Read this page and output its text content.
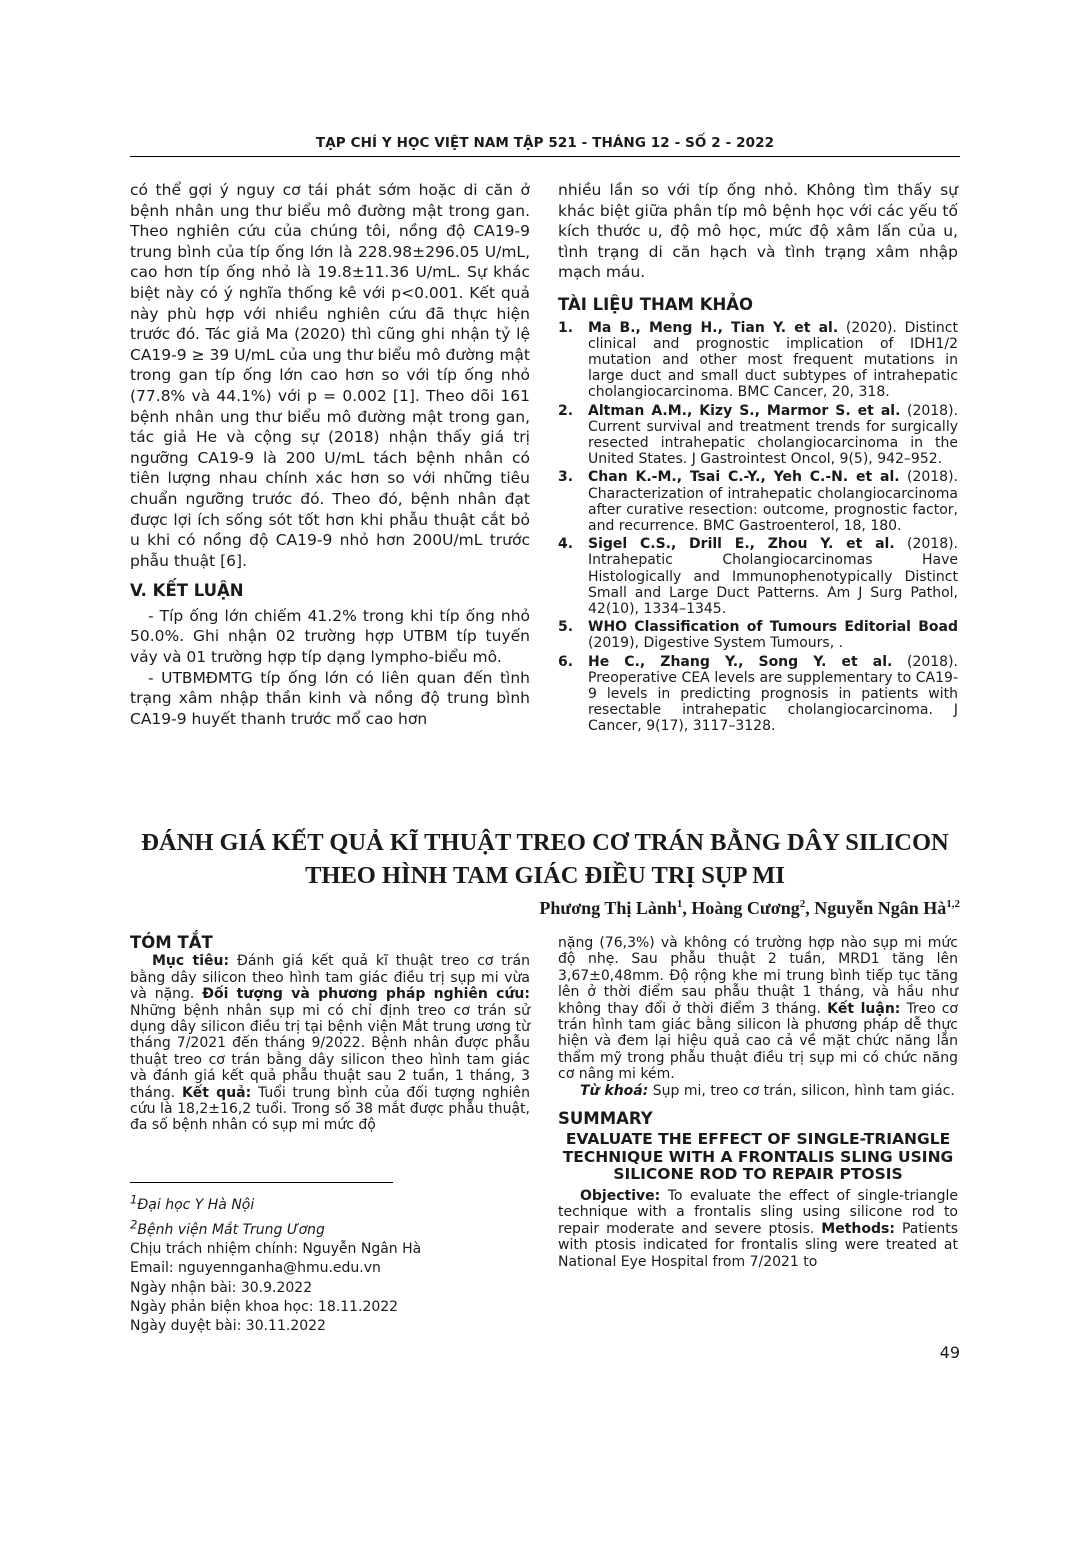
TẠP CHÍ Y HỌC VIỆT NAM TẬP 521 - THÁNG 12 - SỐ 2 - 2022

có thể gợi ý nguy cơ tái phát sớm hoặc di căn ở bệnh nhân ung thư biểu mô đường mật trong gan. Theo nghiên cứu của chúng tôi, nồng độ CA19-9 trung bình của típ ống lớn là 228.98±296.05 U/mL, cao hơn típ ống nhỏ là 19.8±11.36 U/mL. Sự khác biệt này có ý nghĩa thống kê với p<0.001. Kết quả này phù hợp với nhiều nghiên cứu đã thực hiện trước đó. Tác giả Ma (2020) thì cũng ghi nhận tỷ lệ CA19-9 ≥ 39 U/mL của ung thư biểu mô đường mật trong gan típ ống lớn cao hơn so với típ ống nhỏ (77.8% và 44.1%) với p = 0.002 [1]. Theo dõi 161 bệnh nhân ung thư biểu mô đường mật trong gan, tác giả He và cộng sự (2018) nhận thấy giá trị ngưỡng CA19-9 là 200 U/mL tách bệnh nhân có tiên lượng nhau chính xác hơn so với những tiêu chuẩn ngưỡng trước đó. Theo đó, bệnh nhân đạt được lợi ích sống sót tốt hơn khi phẫu thuật cắt bỏ u khi có nồng độ CA19-9 nhỏ hơn 200U/mL trước phẫu thuật [6].

V. KẾT LUẬN

- Típ ống lớn chiếm 41.2% trong khi típ ống nhỏ 50.0%. Ghi nhận 02 trường hợp UTBM típ tuyến vảy và 01 trường hợp típ dạng lympho-biểu mô.

- UTBMĐMTG típ ống lớn có liên quan đến tình trạng xâm nhập thần kinh và nồng độ trung bình CA19-9 huyết thanh trước mổ cao hơn

nhiều lần so với típ ống nhỏ. Không tìm thấy sự khác biệt giữa phân típ mô bệnh học với các yếu tố kích thước u, độ mô học, mức độ xâm lấn của u, tình trạng di căn hạch và tình trạng xâm nhập mạch máu.

TÀI LIỆU THAM KHẢO
1. Ma B., Meng H., Tian Y. et al. (2020). Distinct clinical and prognostic implication of IDH1/2 mutation and other most frequent mutations in large duct and small duct subtypes of intrahepatic cholangiocarcinoma. BMC Cancer, 20, 318.
2. Altman A.M., Kizy S., Marmor S. et al. (2018). Current survival and treatment trends for surgically resected intrahepatic cholangiocarcinoma in the United States. J Gastrointest Oncol, 9(5), 942–952.
3. Chan K.-M., Tsai C.-Y., Yeh C.-N. et al. (2018). Characterization of intrahepatic cholangiocarcinoma after curative resection: outcome, prognostic factor, and recurrence. BMC Gastroenterol, 18, 180.
4. Sigel C.S., Drill E., Zhou Y. et al. (2018). Intrahepatic Cholangiocarcinomas Have Histologically and Immunophenotypically Distinct Small and Large Duct Patterns. Am J Surg Pathol, 42(10), 1334–1345.
5. WHO Classification of Tumours Editorial Boad (2019), Digestive System Tumours, .
6. He C., Zhang Y., Song Y. et al. (2018). Preoperative CEA levels are supplementary to CA19-9 levels in predicting prognosis in patients with resectable intrahepatic cholangiocarcinoma. J Cancer, 9(17), 3117–3128.
ĐÁNH GIÁ KẾT QUẢ KĨ THUẬT TREO CƠ TRÁN BẰNG DÂY SILICON
THEO HÌNH TAM GIÁC ĐIỀU TRỊ SỤP MI
Phương Thị Lành$^1$, Hoàng Cương$^2$, Nguyễn Ngân Hà$^{1,2}$
TÓM TẮT

Mục tiêu: Đánh giá kết quả kĩ thuật treo cơ trán bằng dây silicon theo hình tam giác điều trị sụp mi vừa và nặng. Đối tượng và phương pháp nghiên cứu: Những bệnh nhân sụp mi có chỉ định treo cơ trán sử dụng dây silicon điều trị tại bệnh viện Mắt trung ương từ tháng 7/2021 đến tháng 9/2022. Bệnh nhân được phẫu thuật treo cơ trán bằng dây silicon theo hình tam giác và đánh giá kết quả phẫu thuật sau 2 tuần, 1 tháng, 3 tháng. Kết quả: Tuổi trung bình của đối tượng nghiên cứu là 18,2±16,2 tuổi. Trong số 38 mắt được phẫu thuật, đa số bệnh nhân có sụp mi mức độ

nặng (76,3%) và không có trường hợp nào sụp mi mức độ nhẹ. Sau phẫu thuật 2 tuần, MRD1 tăng lên 3,67±0,48mm. Độ rộng khe mi trung bình tiếp tục tăng lên ở thời điểm sau phẫu thuật 1 tháng, và hầu như không thay đổi ở thời điểm 3 tháng. Kết luận: Treo cơ trán hình tam giác bằng silicon là phương pháp dễ thực hiện và đem lại hiệu quả cao cả về mặt chức năng lẫn thẩm mỹ trong phẫu thuật điều trị sụp mi có chức năng cơ nâng mi kém.

Từ khoá: Sụp mi, treo cơ trán, silicon, hình tam giác.

SUMMARY
EVALUATE THE EFFECT OF SINGLE-TRIANGLE TECHNIQUE WITH A FRONTALIS SLING USING SILICONE ROD TO REPAIR PTOSIS

Objective: To evaluate the effect of single-triangle technique with a frontalis sling using silicone rod to repair moderate and severe ptosis. Methods: Patients with ptosis indicated for frontalis sling were treated at National Eye Hospital from 7/2021 to

$^1$Đại học Y Hà Nội

$^2$Bệnh viện Mắt Trung Ương

Chịu trách nhiệm chính: Nguyễn Ngân Hà

Email: nguyennganha@hmu.edu.vn

Ngày nhận bài: 30.9.2022

Ngày phản biện khoa học: 18.11.2022

Ngày duyệt bài: 30.11.2022

49
